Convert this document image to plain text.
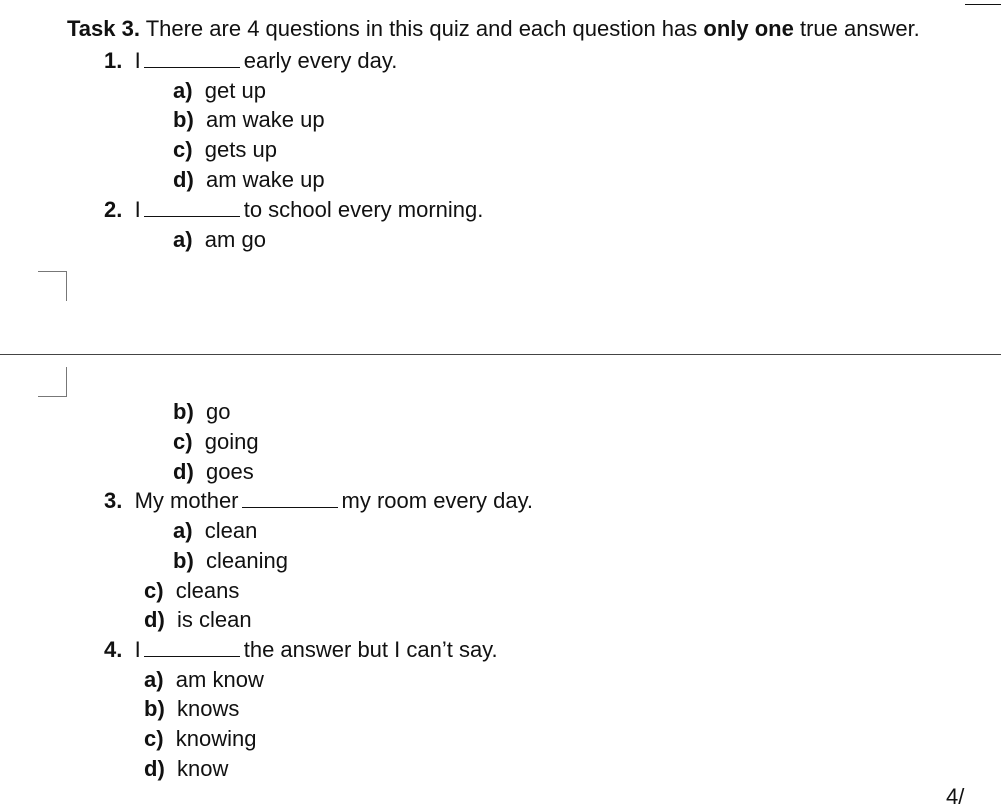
Task 3. There are 4 questions in this quiz and each question has only one true answer.
1. I	early every day.
a) get up
b) am wake up
c) gets up
d) am wake up
2. I	to school every morning.
a) am go
b) go
c) going
d) goes
3. My mother	my room every day.
a) clean
b) cleaning
c) cleans
d) is clean
4. I	the answer but I can’t say.
a) am know
b) knows
c) knowing
d) know
4/
